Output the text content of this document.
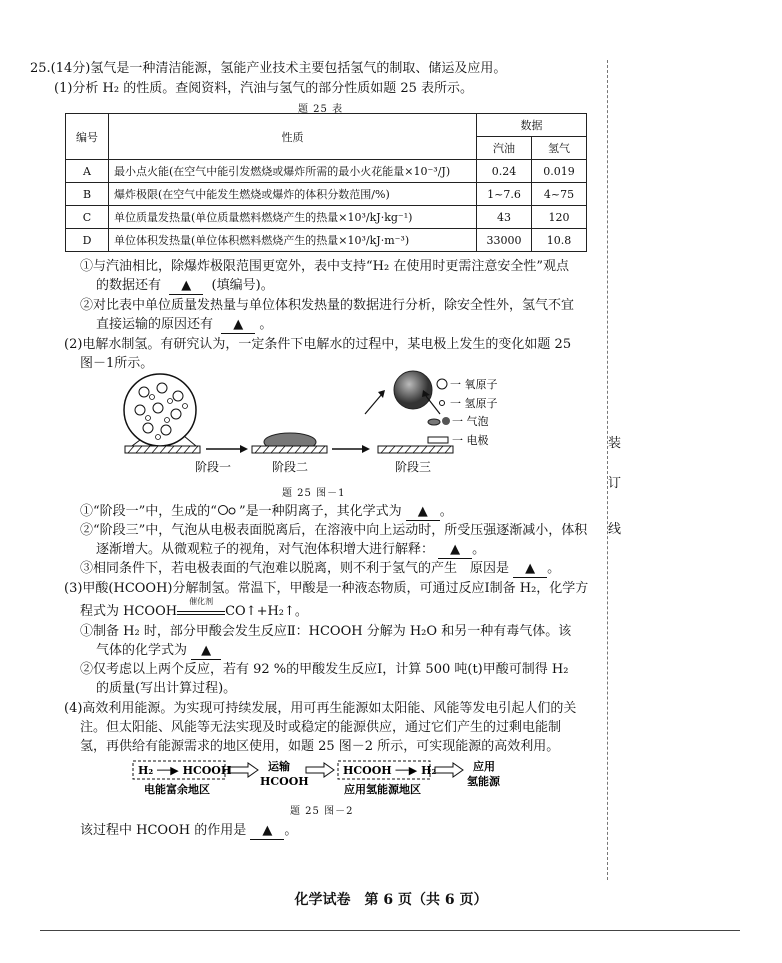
25.(14分)氢气是一种清洁能源，氢能产业技术主要包括氢气的制取、储运及应用。
(1)分析 H₂ 的性质。查阅资料，汽油与氢气的部分性质如题 25 表所示。
题 25 表
编号	性质	数据	
		汽油	氢气
A	最小点火能(在空气中能引发燃烧或爆炸所需的最小火花能量×10⁻³/J)	0.24	0.019
B	爆炸极限(在空气中能发生燃烧或爆炸的体积分数范围/%)	1~7.6	4~75
C	单位质量发热量(单位质量燃料燃烧产生的热量×10³/kJ·kg⁻¹)	43	120
D	单位体积发热量(单位体积燃料燃烧产生的热量×10³/kJ·m⁻³)	33000	10.8
①与汽油相比，除爆炸极限范围更宽外，表中支持“H₂ 在使用时更需注意安全性”观点
的数据还有 ▲ (填编号)。
②对比表中单位质量发热量与单位体积发热量的数据进行分析，除安全性外，氢气不宜
直接运输的原因还有 ▲ 。
(2)电解水制氢。有研究认为，一定条件下电解水的过程中，某电极上发生的变化如题 25
图－1所示。
阶段一	阶段二	阶段三
一 氧原子
一 氢原子
一 气泡
一 电极
题 25 图－1
①“阶段一”中，生成的“ ”是一种阴离子，其化学式为 ▲ 。
②“阶段三”中，气泡从电极表面脱离后，在溶液中向上运动时，所受压强逐渐减小，体积
逐渐增大。从微观粒子的视角，对气泡体积增大进行解释： ▲ 。
③相同条件下，若电极表面的气泡难以脱离，则不利于氢气的产生　原因是 ▲ 。
(3)甲酸(HCOOH)分解制氢。常温下，甲酸是一种液态物质，可通过反应Ⅰ制备 H₂，化学方
程式为 HCOOH
催化剂
CO↑+H₂↑。
①制备 H₂ 时，部分甲酸会发生反应Ⅱ：HCOOH 分解为 H₂O 和另一种有毒气体。该
气体的化学式为 ▲
②仅考虑以上两个反应，若有 92 %的甲酸发生反应Ⅰ，计算 500 吨(t)甲酸可制得 H₂
的质量(写出计算过程)。
(4)高效利用能源。为实现可持续发展，用可再生能源如太阳能、风能等发电引起人们的关
注。但太阳能、风能等无法实现及时或稳定的能源供应，通过它们产生的过剩电能制
氢，再供给有能源需求的地区使用，如题 25 图－2 所示，可实现能源的高效利用。
H₂ ──▶ HCOOH
电能富余地区
运输
HCOOH
HCOOH ──▶ H₂
应用氢能源地区
应用
氢能源
题 25 图－2
该过程中 HCOOH 的作用是 ▲ 。
装
订
线
化学试卷　第 6 页（共 6 页）
